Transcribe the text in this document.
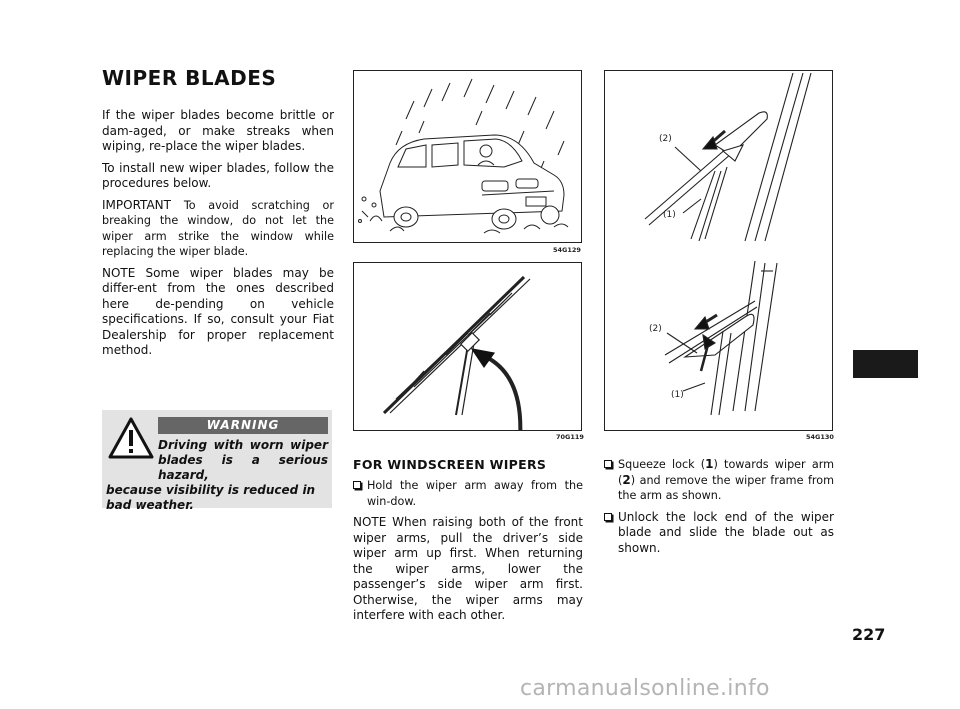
WIPER BLADES

If the wiper blades become brittle or dam-aged, or make streaks when wiping, re-place the wiper blades.

To install new wiper blades, follow the procedures below.

IMPORTANT To avoid scratching or breaking the window, do not let the wiper arm strike the window while replacing the wiper blade.

NOTE Some wiper blades may be differ-ent from the ones described here de-pending on vehicle specifications. If so, consult your Fiat Dealership for proper replacement method.

WARNING
Driving with worn wiper blades is a serious hazard,
because visibility is reduced in bad weather.
54G129
70G119
(2)
(1)
(2)
(1)
54G130

FOR WINDSCREEN WIPERS

Hold the wiper arm away from the win-dow.

NOTE When raising both of the front wiper arms, pull the driver’s side wiper arm up first. When returning the wiper arms, lower the passenger’s side wiper arm first. Otherwise, the wiper arms may interfere with each other.

Squeeze lock (1) towards wiper arm (2) and remove the wiper frame from the arm as shown.

Unlock the lock end of the wiper blade and slide the blade out as shown.

227
carmanualsonline.info
